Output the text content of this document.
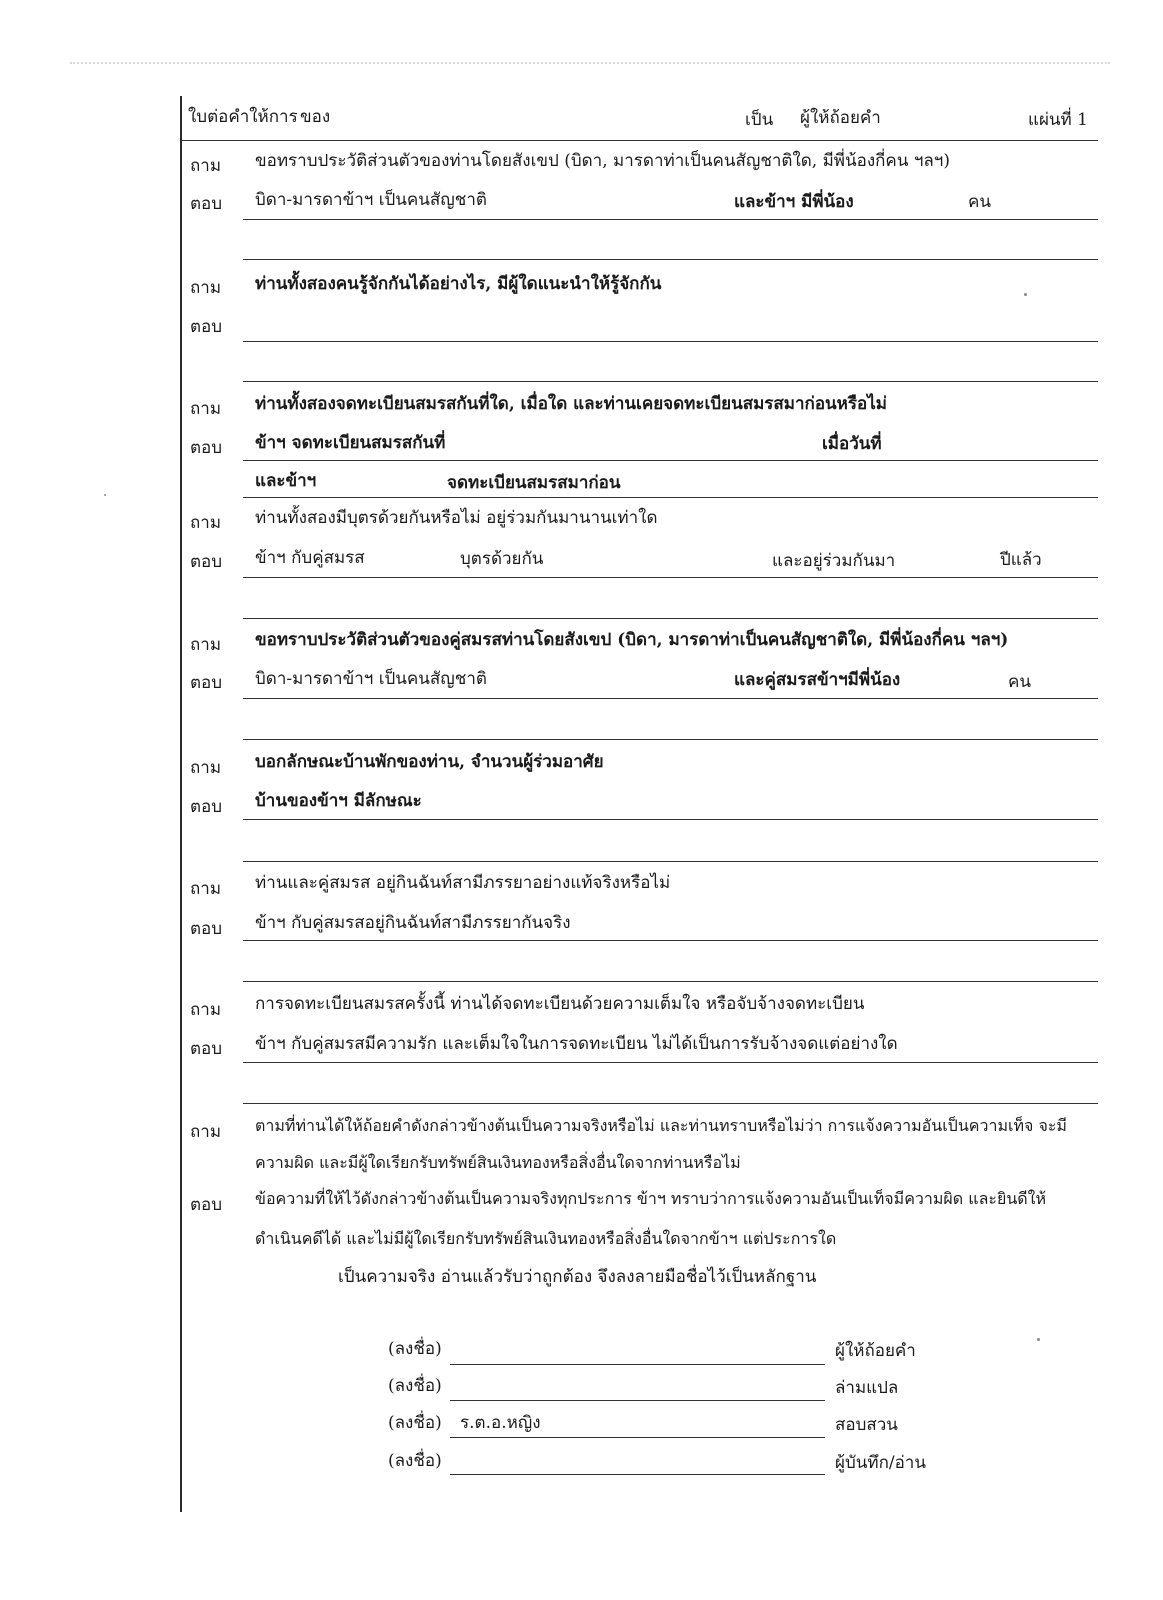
ใบต่อคำให้การ ของ	เป็น ผู้ให้ถ้อยคำ	แผ่นที่ 1
ถาม ขอทราบประวัติส่วนตัวของท่านโดยสังเขป (บิดา, มารดาท่าเป็นคนสัญชาติใด, มีพี่น้องกี่คน ฯลฯ)
ตอบ บิดา-มารดาข้าฯ เป็นคนสัญชาติ	และข้าฯ มีพี่น้อง	คน
ถาม ท่านทั้งสองคนรู้จักกันได้อย่างไร, มีผู้ใดแนะนำให้รู้จักกัน
ตอบ
ถาม ท่านทั้งสองจดทะเบียนสมรสกันที่ใด, เมื่อใด และท่านเคยจดทะเบียนสมรสมาก่อนหรือไม่
ตอบ ข้าฯ จดทะเบียนสมรสกันที่	เมื่อวันที่
และข้าฯ	จดทะเบียนสมรสมาก่อน
ถาม ท่านทั้งสองมีบุตรด้วยกันหรือไม่ อยู่ร่วมกันมานานเท่าใด
ตอบ ข้าฯ กับคู่สมรส	บุตรด้วยกัน	และอยู่ร่วมกันมา	ปีแล้ว
ถาม ขอทราบประวัติส่วนตัวของคู่สมรสท่านโดยสังเขป (บิดา, มารดาท่าเป็นคนสัญชาติใด, มีพี่น้องกี่คน ฯลฯ)
ตอบ บิดา-มารดาข้าฯ เป็นคนสัญชาติ	และคู่สมรสข้าฯมีพี่น้อง	คน
ถาม บอกลักษณะบ้านพักของท่าน, จำนวนผู้ร่วมอาศัย
ตอบ บ้านของข้าฯ มีลักษณะ
ถาม ท่านและคู่สมรส อยู่กินฉันท์สามีภรรยาอย่างแท้จริงหรือไม่
ตอบ ข้าฯ กับคู่สมรสอยู่กินฉันท์สามีภรรยากันจริง
ถาม การจดทะเบียนสมรสครั้งนี้ ท่านได้จดทะเบียนด้วยความเต็มใจ หรือจับจ้างจดทะเบียน
ตอบ ข้าฯ กับคู่สมรสมีความรัก และเต็มใจในการจดทะเบียน ไม่ได้เป็นการรับจ้างจดแต่อย่างใด
ถาม ตามที่ท่านได้ให้ถ้อยคำดังกล่าวข้างต้นเป็นความจริงหรือไม่ และท่านทราบหรือไม่ว่า การแจ้งความอันเป็นความเท็จ จะมี
ความผิด และมีผู้ใดเรียกรับทรัพย์สินเงินทองหรือสิ่งอื่นใดจากท่านหรือไม่
ตอบ ข้อความที่ให้ไว้ดังกล่าวข้างต้นเป็นความจริงทุกประการ ข้าฯ ทราบว่าการแจ้งความอันเป็นเท็จมีความผิด และยินดีให้
ดำเนินคดีได้ และไม่มีผู้ใดเรียกรับทรัพย์สินเงินทองหรือสิ่งอื่นใดจากข้าฯ แต่ประการใด
เป็นความจริง อ่านแล้วรับว่าถูกต้อง จึงลงลายมือชื่อไว้เป็นหลักฐาน
(ลงชื่อ)	ผู้ให้ถ้อยคำ
(ลงชื่อ)	ล่ามแปล
(ลงชื่อ) ร.ต.อ.หญิง	สอบสวน
(ลงชื่อ)	ผู้บันทึก/อ่าน
